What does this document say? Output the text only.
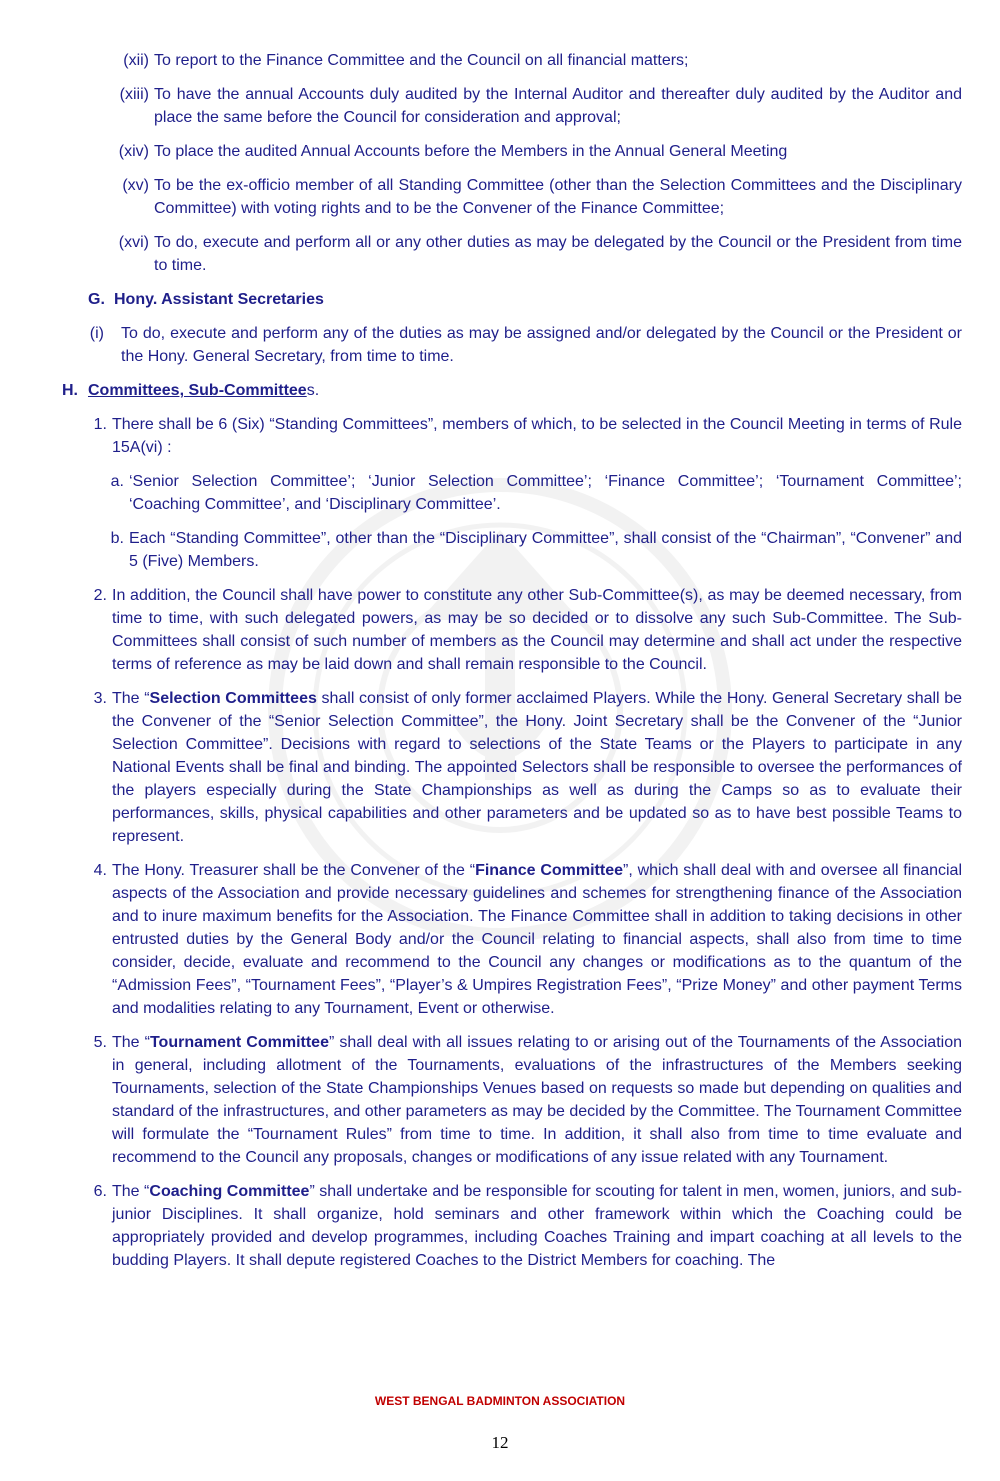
(xii) To report to the Finance Committee and the Council on all financial matters;
(xiii) To have the annual Accounts duly audited by the Internal Auditor and thereafter duly audited by the Auditor and place the same before the Council for consideration and approval;
(xiv) To place the audited Annual Accounts before the Members in the Annual General Meeting
(xv) To be the ex-officio member of all Standing Committee (other than the Selection Committees and the Disciplinary Committee) with voting rights and to be the Convener of the Finance Committee;
(xvi) To do, execute and perform all or any other duties as may be delegated by the Council or the President from time to time.
G. Hony. Assistant Secretaries
(i)	To do, execute and perform any of the duties as may be assigned and/or delegated by the Council or the President or the Hony. General Secretary, from time to time.
H. Committees, Sub-Committees.
1. There shall be 6 (Six) “Standing Committees”, members of which, to be selected in the Council Meeting in terms of Rule 15A(vi) :
a. ‘Senior Selection Committee’; ‘Junior Selection Committee’; ‘Finance Committee’; ‘Tournament Committee’; ‘Coaching Committee’, and ‘Disciplinary Committee’.
b. Each “Standing Committee”, other than the “Disciplinary Committee”, shall consist of the “Chairman”, “Convener” and 5 (Five) Members.
2. In addition, the Council shall have power to constitute any other Sub-Committee(s), as may be deemed necessary, from time to time, with such delegated powers, as may be so decided or to dissolve any such Sub-Committee. The Sub-Committees shall consist of such number of members as the Council may determine and shall act under the respective terms of reference as may be laid down and shall remain responsible to the Council.
3. The “Selection Committees shall consist of only former acclaimed Players. While the Hony. General Secretary shall be the Convener of the “Senior Selection Committee”, the Hony. Joint Secretary shall be the Convener of the “Junior Selection Committee”. Decisions with regard to selections of the State Teams or the Players to participate in any National Events shall be final and binding. The appointed Selectors shall be responsible to oversee the performances of the players especially during the State Championships as well as during the Camps so as to evaluate their performances, skills, physical capabilities and other parameters and be updated so as to have best possible Teams to represent.
4. The Hony. Treasurer shall be the Convener of the “Finance Committee”, which shall deal with and oversee all financial aspects of the Association and provide necessary guidelines and schemes for strengthening finance of the Association and to inure maximum benefits for the Association. The Finance Committee shall in addition to taking decisions in other entrusted duties by the General Body and/or the Council relating to financial aspects, shall also from time to time consider, decide, evaluate and recommend to the Council any changes or modifications as to the quantum of the “Admission Fees”, “Tournament Fees”, “Player’s & Umpires Registration Fees”, “Prize Money” and other payment Terms and modalities relating to any Tournament, Event or otherwise.
5. The “Tournament Committee” shall deal with all issues relating to or arising out of the Tournaments of the Association in general, including allotment of the Tournaments, evaluations of the infrastructures of the Members seeking Tournaments, selection of the State Championships Venues based on requests so made but depending on qualities and standard of the infrastructures, and other parameters as may be decided by the Committee. The Tournament Committee will formulate the “Tournament Rules” from time to time. In addition, it shall also from time to time evaluate and recommend to the Council any proposals, changes or modifications of any issue related with any Tournament.
6. The “Coaching Committee” shall undertake and be responsible for scouting for talent in men, women, juniors, and sub-junior Disciplines. It shall organize, hold seminars and other framework within which the Coaching could be appropriately provided and develop programmes, including Coaches Training and impart coaching at all levels to the budding Players. It shall depute registered Coaches to the District Members for coaching. The
WEST BENGAL BADMINTON ASSOCIATION
12
